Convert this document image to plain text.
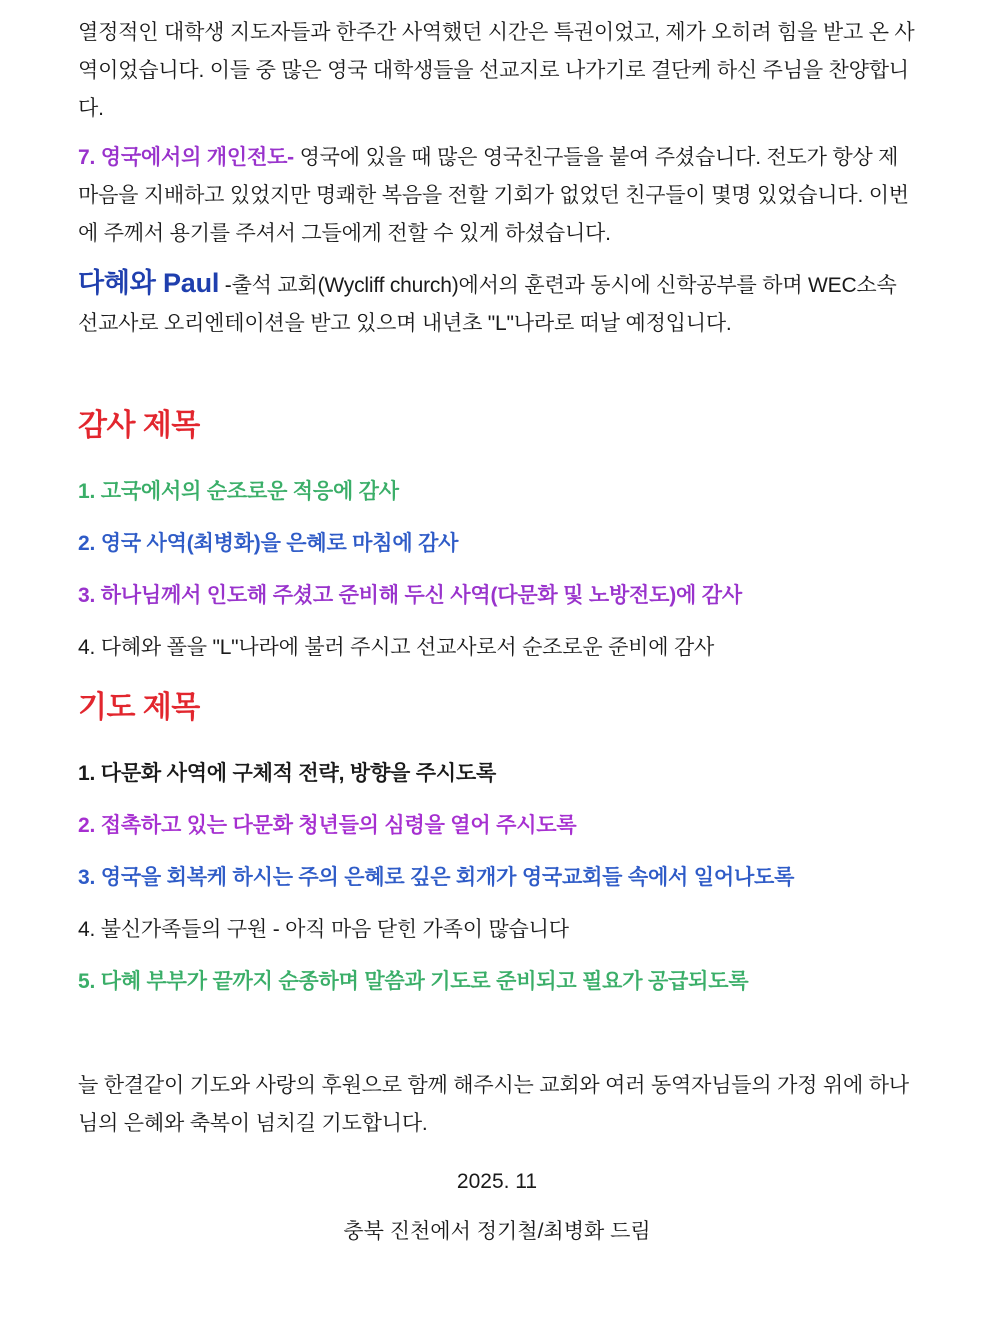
열정적인 대학생 지도자들과 한주간 사역했던 시간은 특권이었고, 제가 오히려 힘을 받고 온 사역이었습니다. 이들 중 많은 영국 대학생들을 선교지로 나가기로 결단케 하신 주님을 찬양합니다.

7. 영국에서의 개인전도- 영국에 있을 때 많은 영국친구들을 붙여 주셨습니다. 전도가 항상 제 마음을 지배하고 있었지만 명쾌한 복음을 전할 기회가 없었던 친구들이 몇명 있었습니다. 이번에 주께서 용기를 주셔서 그들에게 전할 수 있게 하셨습니다.

다혜와 Paul -출석 교회(Wycliff church)에서의 훈련과 동시에 신학공부를 하며 WEC소속 선교사로 오리엔테이션을 받고 있으며 내년초 "L"나라로 떠날 예정입니다.

감사 제목

1. 고국에서의 순조로운 적응에 감사

2. 영국 사역(최병화)을 은혜로 마침에 감사

3. 하나님께서 인도해 주셨고 준비해 두신 사역(다문화 및 노방전도)에 감사

4. 다혜와 폴을 "L"나라에 불러 주시고 선교사로서 순조로운 준비에 감사

기도 제목

1. 다문화 사역에 구체적 전략, 방향을 주시도록

2. 접촉하고 있는 다문화 청년들의 심령을 열어 주시도록

3. 영국을 회복케 하시는 주의 은혜로 깊은 회개가 영국교회들 속에서 일어나도록

4. 불신가족들의 구원 - 아직 마음 닫힌 가족이 많습니다

5. 다혜 부부가 끝까지 순종하며 말씀과 기도로 준비되고 필요가 공급되도록

늘 한결같이 기도와 사랑의 후원으로 함께 해주시는 교회와 여러 동역자님들의 가정 위에 하나님의 은혜와 축복이 넘치길 기도합니다.

2025. 11

충북 진천에서 정기철/최병화 드림
